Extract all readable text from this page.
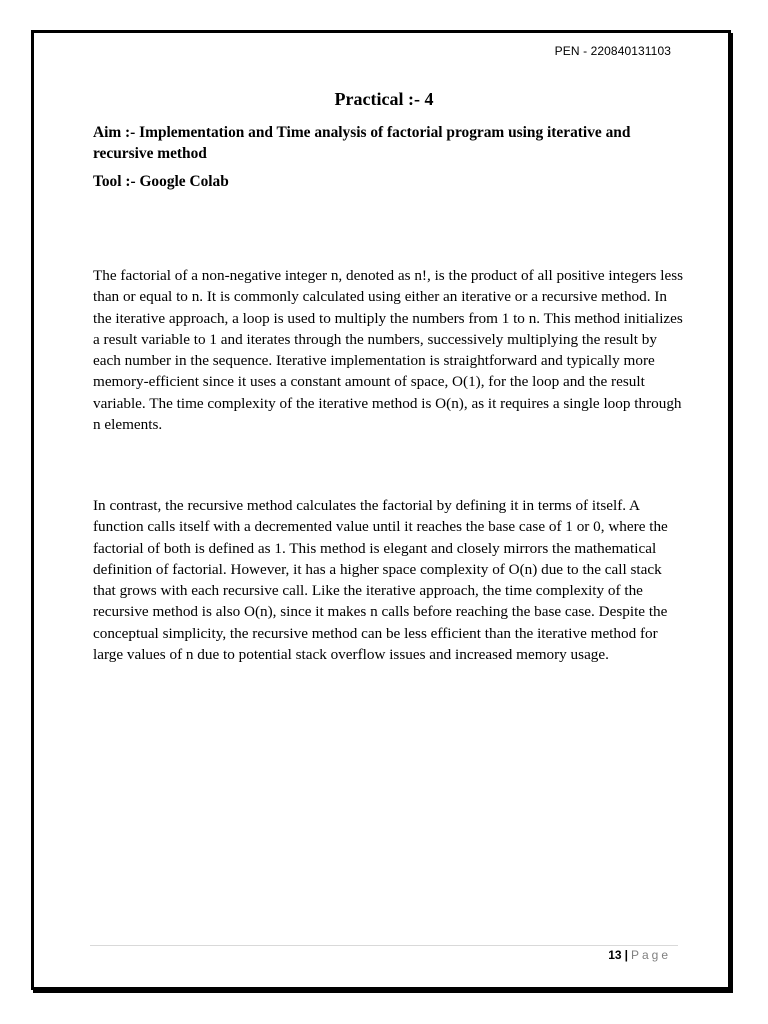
PEN - 220840131103
Practical :- 4
Aim :- Implementation and Time analysis of factorial program using iterative and recursive method
Tool :- Google Colab

The factorial of a non-negative integer n, denoted as n!, is the product of all positive integers less than or equal to n. It is commonly calculated using either an iterative or a recursive method. In the iterative approach, a loop is used to multiply the numbers from 1 to n. This method initializes a result variable to 1 and iterates through the numbers, successively multiplying the result by each number in the sequence. Iterative implementation is straightforward and typically more memory-efficient since it uses a constant amount of space, O(1), for the loop and the result variable. The time complexity of the iterative method is O(n), as it requires a single loop through n elements.

In contrast, the recursive method calculates the factorial by defining it in terms of itself. A function calls itself with a decremented value until it reaches the base case of 1 or 0, where the factorial of both is defined as 1. This method is elegant and closely mirrors the mathematical definition of factorial. However, it has a higher space complexity of O(n) due to the call stack that grows with each recursive call. Like the iterative approach, the time complexity of the recursive method is also O(n), since it makes n calls before reaching the base case. Despite the conceptual simplicity, the recursive method can be less efficient than the iterative method for large values of n due to potential stack overflow issues and increased memory usage.

13 | Page
